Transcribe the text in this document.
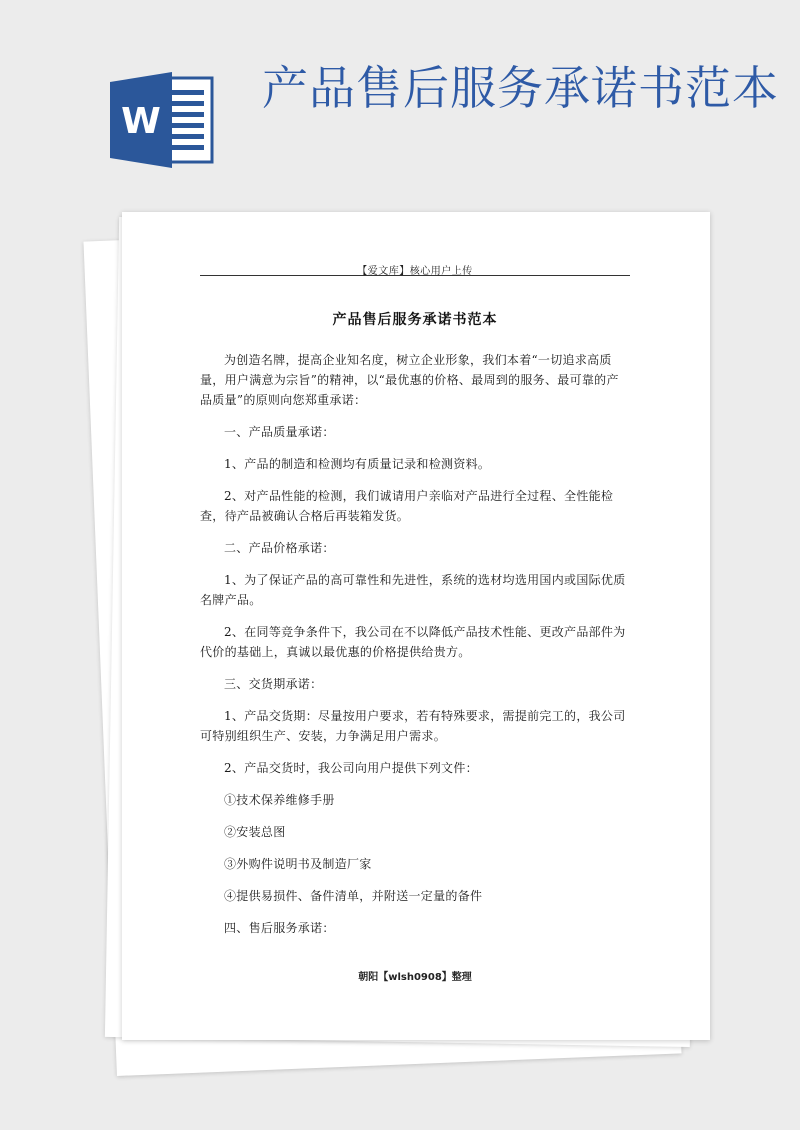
W
产品售后服务承诺书范本
【爱文库】核心用户上传
产品售后服务承诺书范本

为创造名牌，提高企业知名度，树立企业形象，我们本着“一切追求高质量，用户满意为宗旨”的精神，以“最优惠的价格、最周到的服务、最可靠的产品质量”的原则向您郑重承诺：

一、产品质量承诺：

1、产品的制造和检测均有质量记录和检测资料。

2、对产品性能的检测，我们诚请用户亲临对产品进行全过程、全性能检查，待产品被确认合格后再装箱发货。

二、产品价格承诺：

1、为了保证产品的高可靠性和先进性，系统的选材均选用国内或国际优质名牌产品。

2、在同等竞争条件下，我公司在不以降低产品技术性能、更改产品部件为代价的基础上，真诚以最优惠的价格提供给贵方。

三、交货期承诺：

1、产品交货期：尽量按用户要求，若有特殊要求，需提前完工的，我公司可特别组织生产、安装，力争满足用户需求。

2、产品交货时，我公司向用户提供下列文件：

①技术保养维修手册

②安装总图

③外购件说明书及制造厂家

④提供易损件、备件清单，并附送一定量的备件

四、售后服务承诺：

朝阳【wlsh0908】整理
